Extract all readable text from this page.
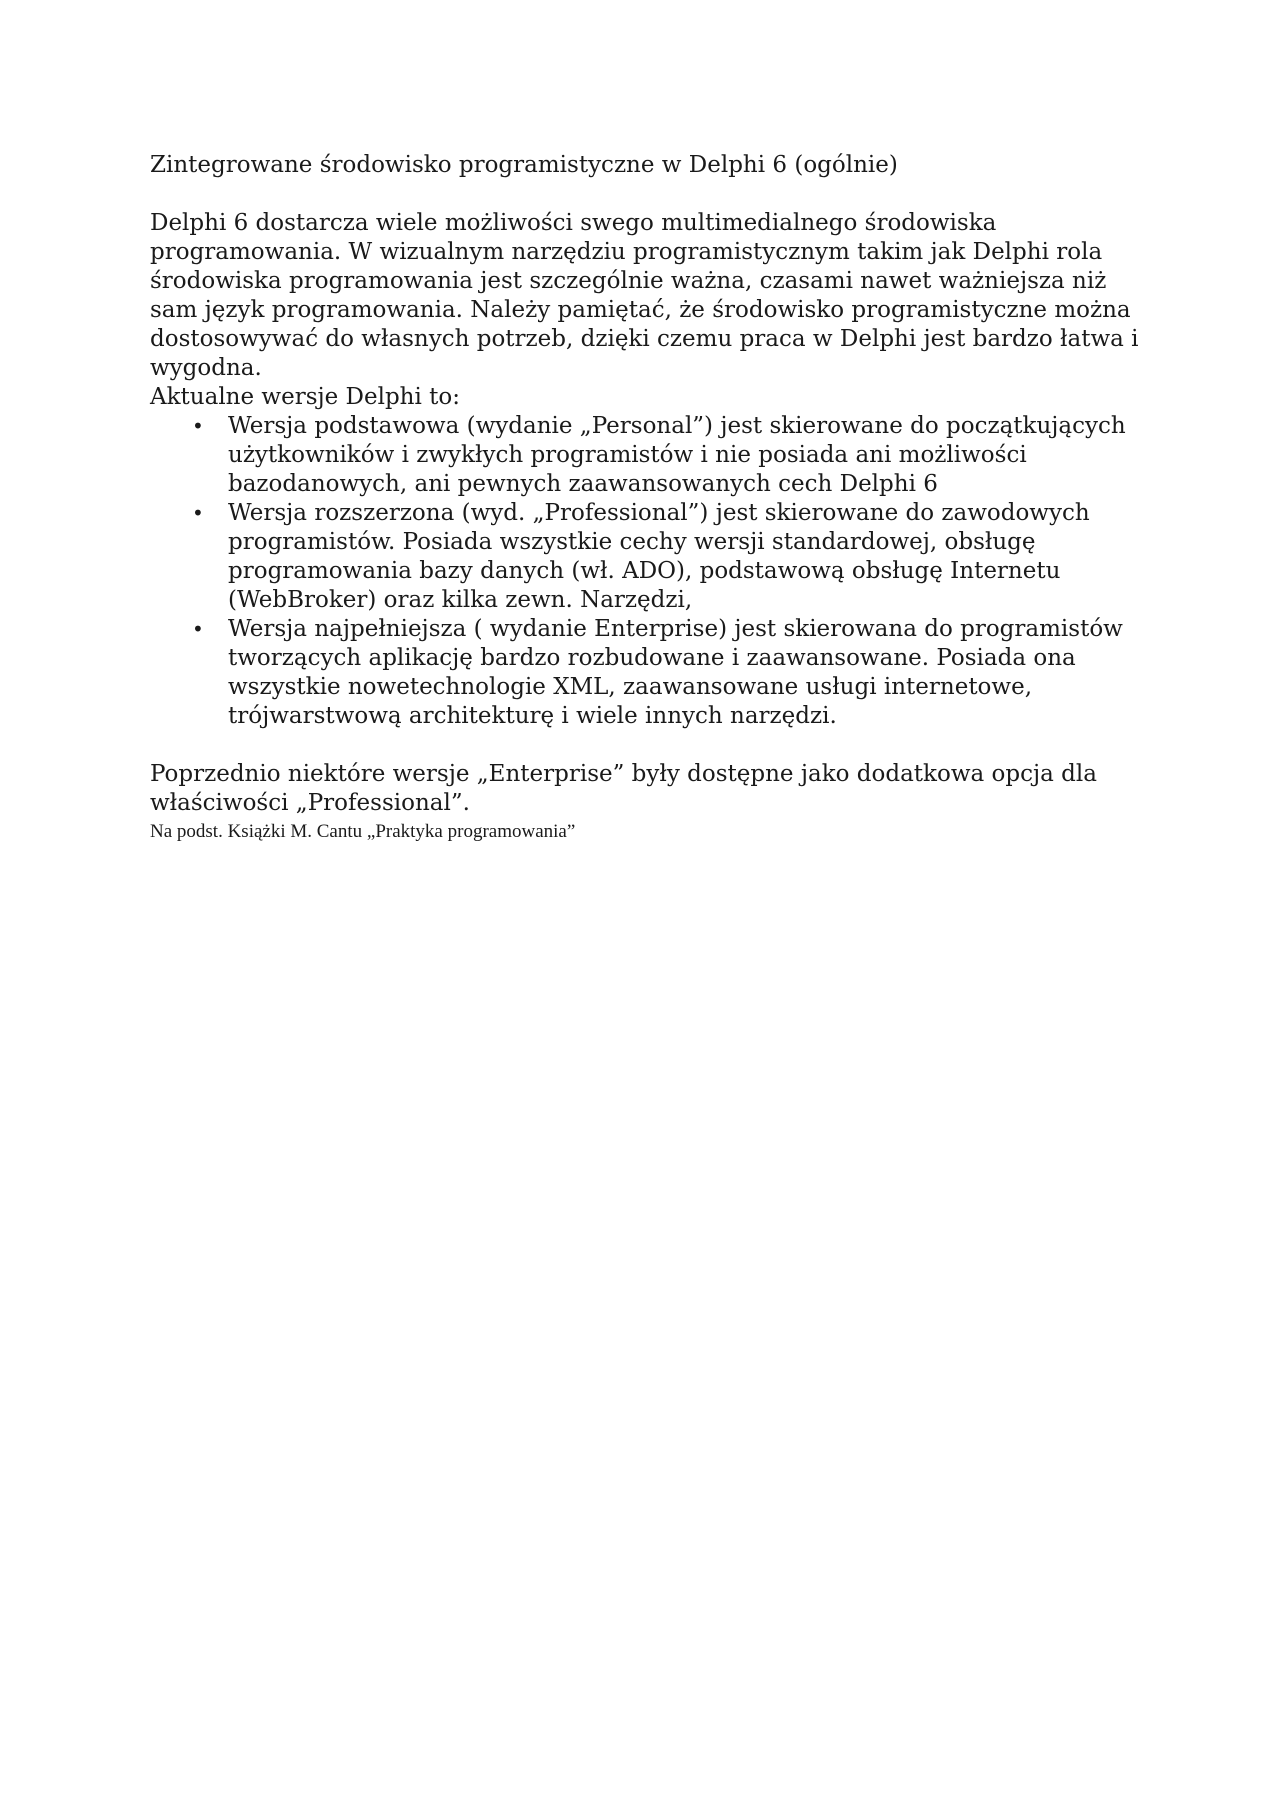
Zintegrowane środowisko programistyczne w Delphi 6 (ogólnie)

Delphi 6 dostarcza wiele możliwości swego multimedialnego środowiska programowania. W wizualnym narzędziu programistycznym takim jak Delphi rola środowiska programowania jest szczególnie ważna, czasami nawet ważniejsza niż sam język programowania. Należy pamiętać, że środowisko programistyczne można dostosowywać do własnych potrzeb, dzięki czemu praca w Delphi jest bardzo łatwa i wygodna.

Aktualne wersje Delphi to:

• Wersja podstawowa (wydanie „Personal”) jest skierowane do początkujących użytkowników i zwykłych programistów i nie posiada ani możliwości bazodanowych, ani pewnych zaawansowanych cech Delphi 6
• Wersja rozszerzona (wyd. „Professional”) jest skierowane do zawodowych programistów. Posiada wszystkie cechy wersji standardowej, obsługę programowania bazy danych (wł. ADO), podstawową obsługę Internetu (WebBroker) oraz kilka zewn. Narzędzi,
• Wersja najpełniejsza ( wydanie Enterprise) jest skierowana do programistów tworzących aplikację bardzo rozbudowane i zaawansowane. Posiada ona wszystkie nowetechnologie XML, zaawansowane usługi internetowe, trójwarstwową architekturę i wiele innych narzędzi.

Poprzednio niektóre wersje „Enterprise” były dostępne jako dodatkowa opcja dla właściwości „Professional”.

Na podst. Książki M. Cantu „Praktyka programowania”
